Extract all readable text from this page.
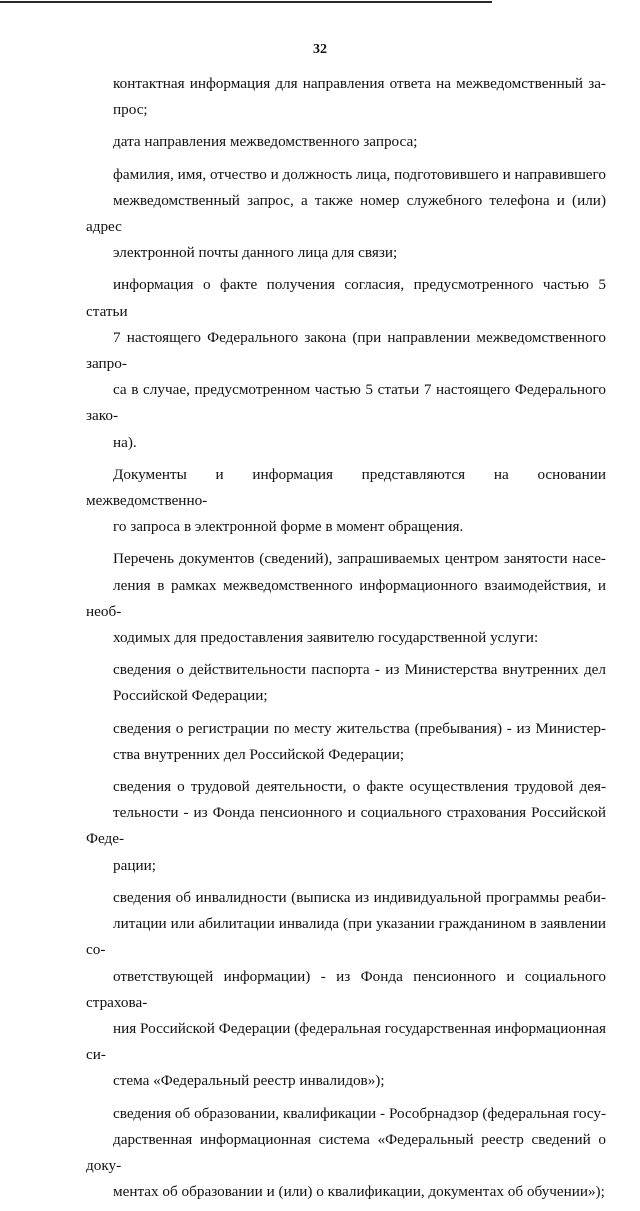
32

контактная информация для направления ответа на межведомственный за-
прос;

дата направления межведомственного запроса;

фамилия, имя, отчество и должность лица, подготовившего и направившего
межведомственный запрос, а также номер служебного телефона и (или) адрес
электронной почты данного лица для связи;

информация о факте получения согласия, предусмотренного частью 5 статьи
7 настоящего Федерального закона (при направлении межведомственного запро-
са в случае, предусмотренном частью 5 статьи 7 настоящего Федерального зако-
на).

Документы и информация представляются на основании межведомственно-
го запроса в электронной форме в момент обращения.

Перечень документов (сведений), запрашиваемых центром занятости насе-
ления в рамках межведомственного информационного взаимодействия, и необ-
ходимых для предоставления заявителю государственной услуги:

сведения о действительности паспорта - из Министерства внутренних дел
Российской Федерации;

сведения о регистрации по месту жительства (пребывания) - из Министер-
ства внутренних дел Российской Федерации;

сведения о трудовой деятельности, о факте осуществления трудовой дея-
тельности - из Фонда пенсионного и социального страхования Российской Феде-
рации;

сведения об инвалидности (выписка из индивидуальной программы реаби-
литации или абилитации инвалида (при указании гражданином в заявлении со-
ответствующей информации) - из Фонда пенсионного и социального страхова-
ния Российской Федерации (федеральная государственная информационная си-
стема «Федеральный реестр инвалидов»);

сведения об образовании, квалификации - Рособрнадзор (федеральная госу-
дарственная информационная система «Федеральный реестр сведений о доку-
ментах об образовании и (или) о квалификации, документах об обучении»);
